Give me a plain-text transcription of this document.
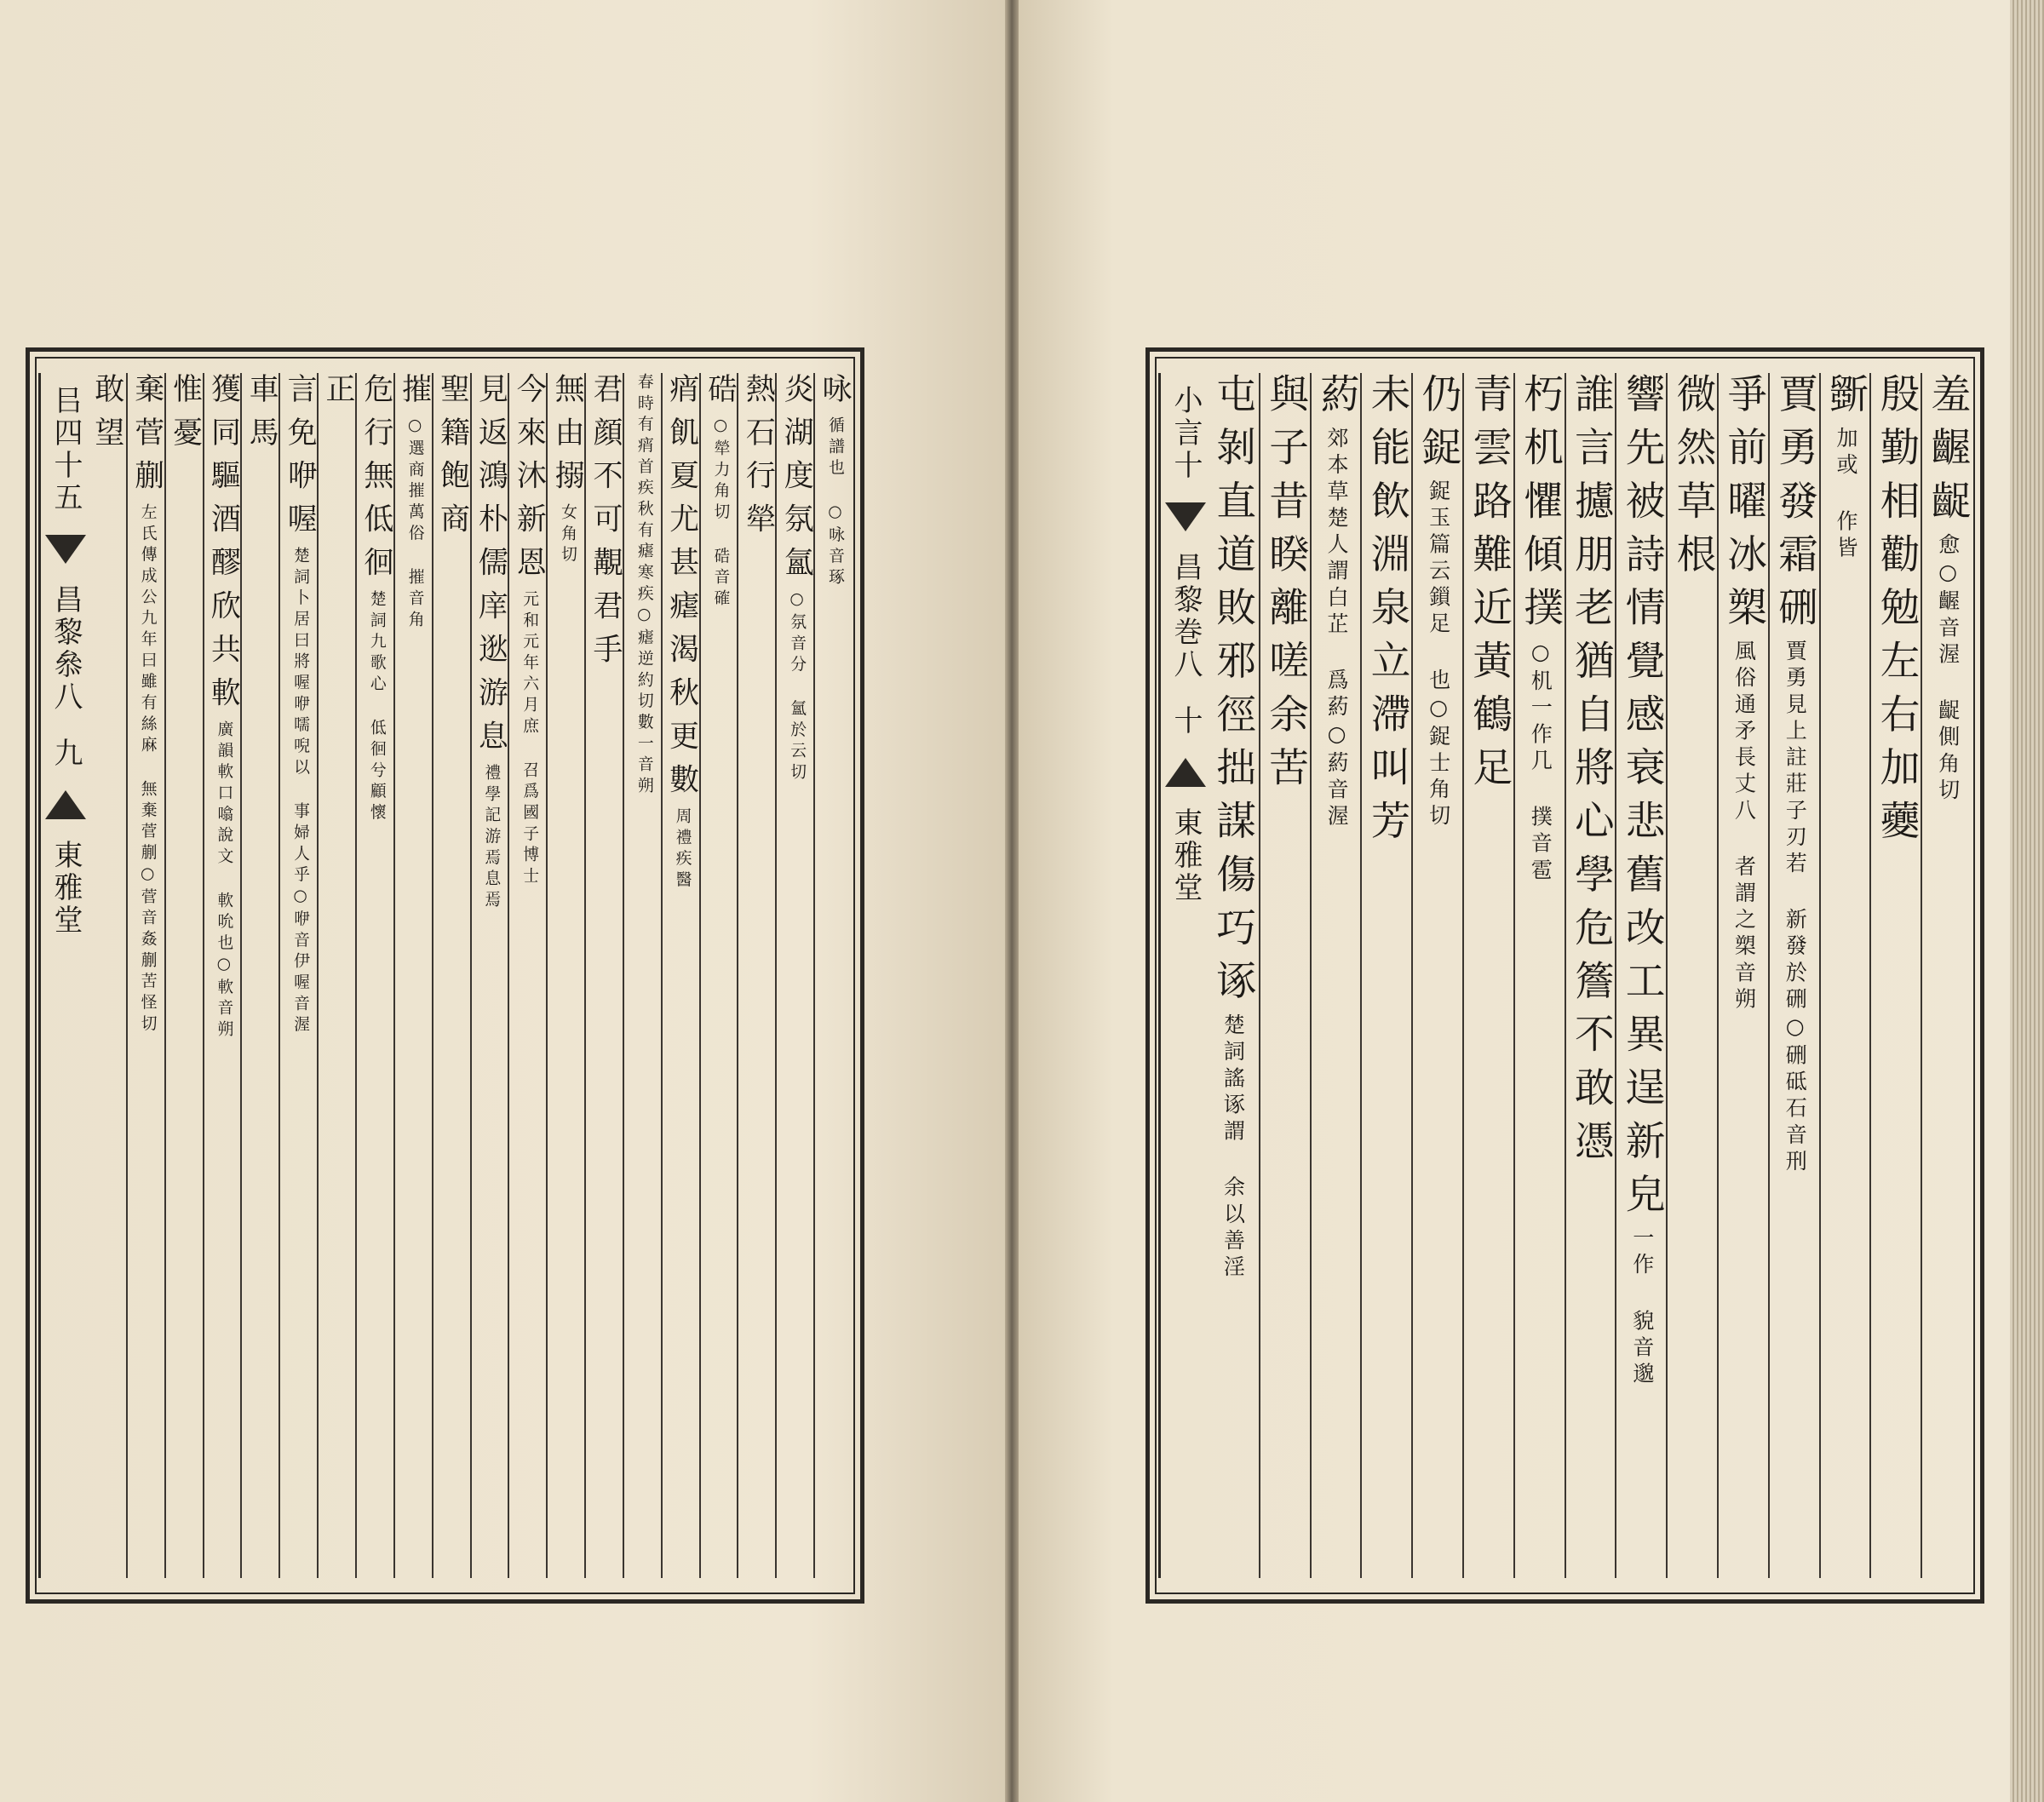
㠯四十五
昌黎叅八
九
東雅堂
咏
循譜也 ○咏音琢
炎湖度氛氳
○氛音分 氳於云切
熱石行犖
硞
○犖力角切 硞音確
痟飢夏尤甚瘧渴秋更數
周禮疾醫
春時有痟首疾秋有瘧寒疾○瘧逆約切數一音朔
君顔不可覯君手
無由搦
女角切
今來沐新恩
元和元年六月庶 召爲國子博士
見返鴻朴儒庠逖游息
禮學記游焉息焉
聖籍飽商
摧
○選商摧萬俗 摧音角
危行無低徊
楚詞九歌心 低徊兮顧懷
正
言免咿喔
楚詞卜居曰將喔咿嚅唲以 事婦人乎○咿音伊喔音渥
車馬
獲同驅酒醪欣共軟
廣韻軟口噏說文 軟吮也○軟音朔
惟憂
棄菅蒯
左氏傳成公九年曰雖有絲麻 無棄菅蒯○菅音姦蒯苦怪切
敢望	小言十
昌黎巻八
十
東雅堂
羞齷齪
愈○齷音渥 齪側角切
殷勤相勸勉左右加虁
斵
加或 作皆
賈勇發霜硎
賈勇見上註莊子刃若 新發於硎○硎砥石音刑
爭前曜冰槊
風俗通矛長丈八 者謂之槊音朔
微然草根
響先被詩情覺感衰悲舊改工異逞新皃
一作 貌音邈
誰言攄朋老猶自將心學危簷不敢憑
朽机懼傾撲
○机一作几 撲音雹
青雲路難近黃鶴足
仍鋜
鋜玉篇云鎻足 也○鋜士角切
未能飲淵泉立滯叫芳
葯
郊本草楚人謂白芷 爲葯○葯音渥
與子昔睽離嗟余苦
屯剝直道敗邪徑拙謀傷巧诼
楚詞謠诼謂 余以善淫
